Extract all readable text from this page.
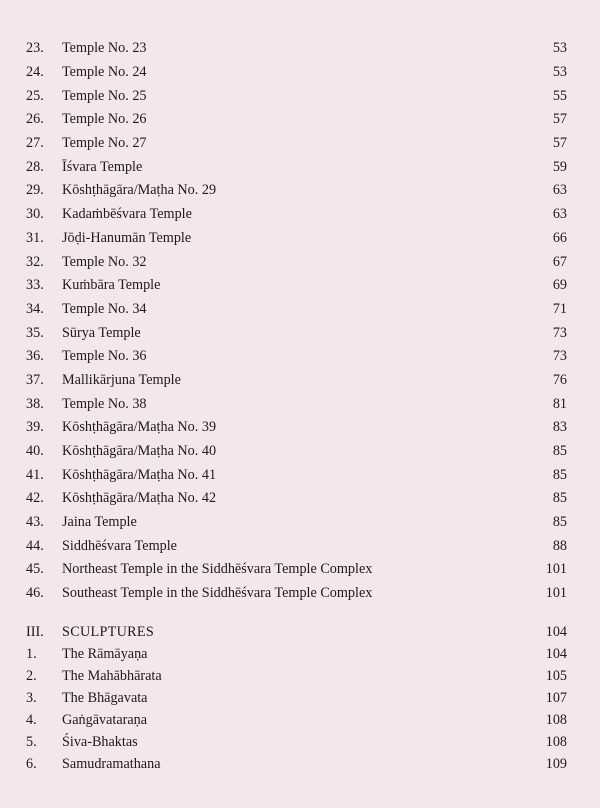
23. Temple No. 23	53
24. Temple No. 24	53
25. Temple No. 25	55
26. Temple No. 26	57
27. Temple No. 27	57
28. Īśvara Temple	59
29. Kōshṭhāgāra/Maṭha No. 29	63
30. Kadaṁbēśvara Temple	63
31. Jōḍi-Hanumān Temple	66
32. Temple No. 32	67
33. Kuṁbāra Temple	69
34. Temple No. 34	71
35. Sūrya Temple	73
36. Temple No. 36	73
37. Mallikārjuna Temple	76
38. Temple No. 38	81
39. Kōshṭhāgāra/Maṭha No. 39	83
40. Kōshṭhāgāra/Maṭha No. 40	85
41. Kōshṭhāgāra/Maṭha No. 41	85
42. Kōshṭhāgāra/Maṭha No. 42	85
43. Jaina Temple	85
44. Siddhēśvara Temple	88
45. Northeast Temple in the Siddhēśvara Temple Complex	101
46. Southeast Temple in the Siddhēśvara Temple Complex	101
III. SCULPTURES	104
1. The Rāmāyaṇa	104
2. The Mahābhārata	105
3. The Bhāgavata	107
4. Gaṅgāvataraṇa	108
5. Śiva-Bhaktas	108
6. Samudramathana	109
